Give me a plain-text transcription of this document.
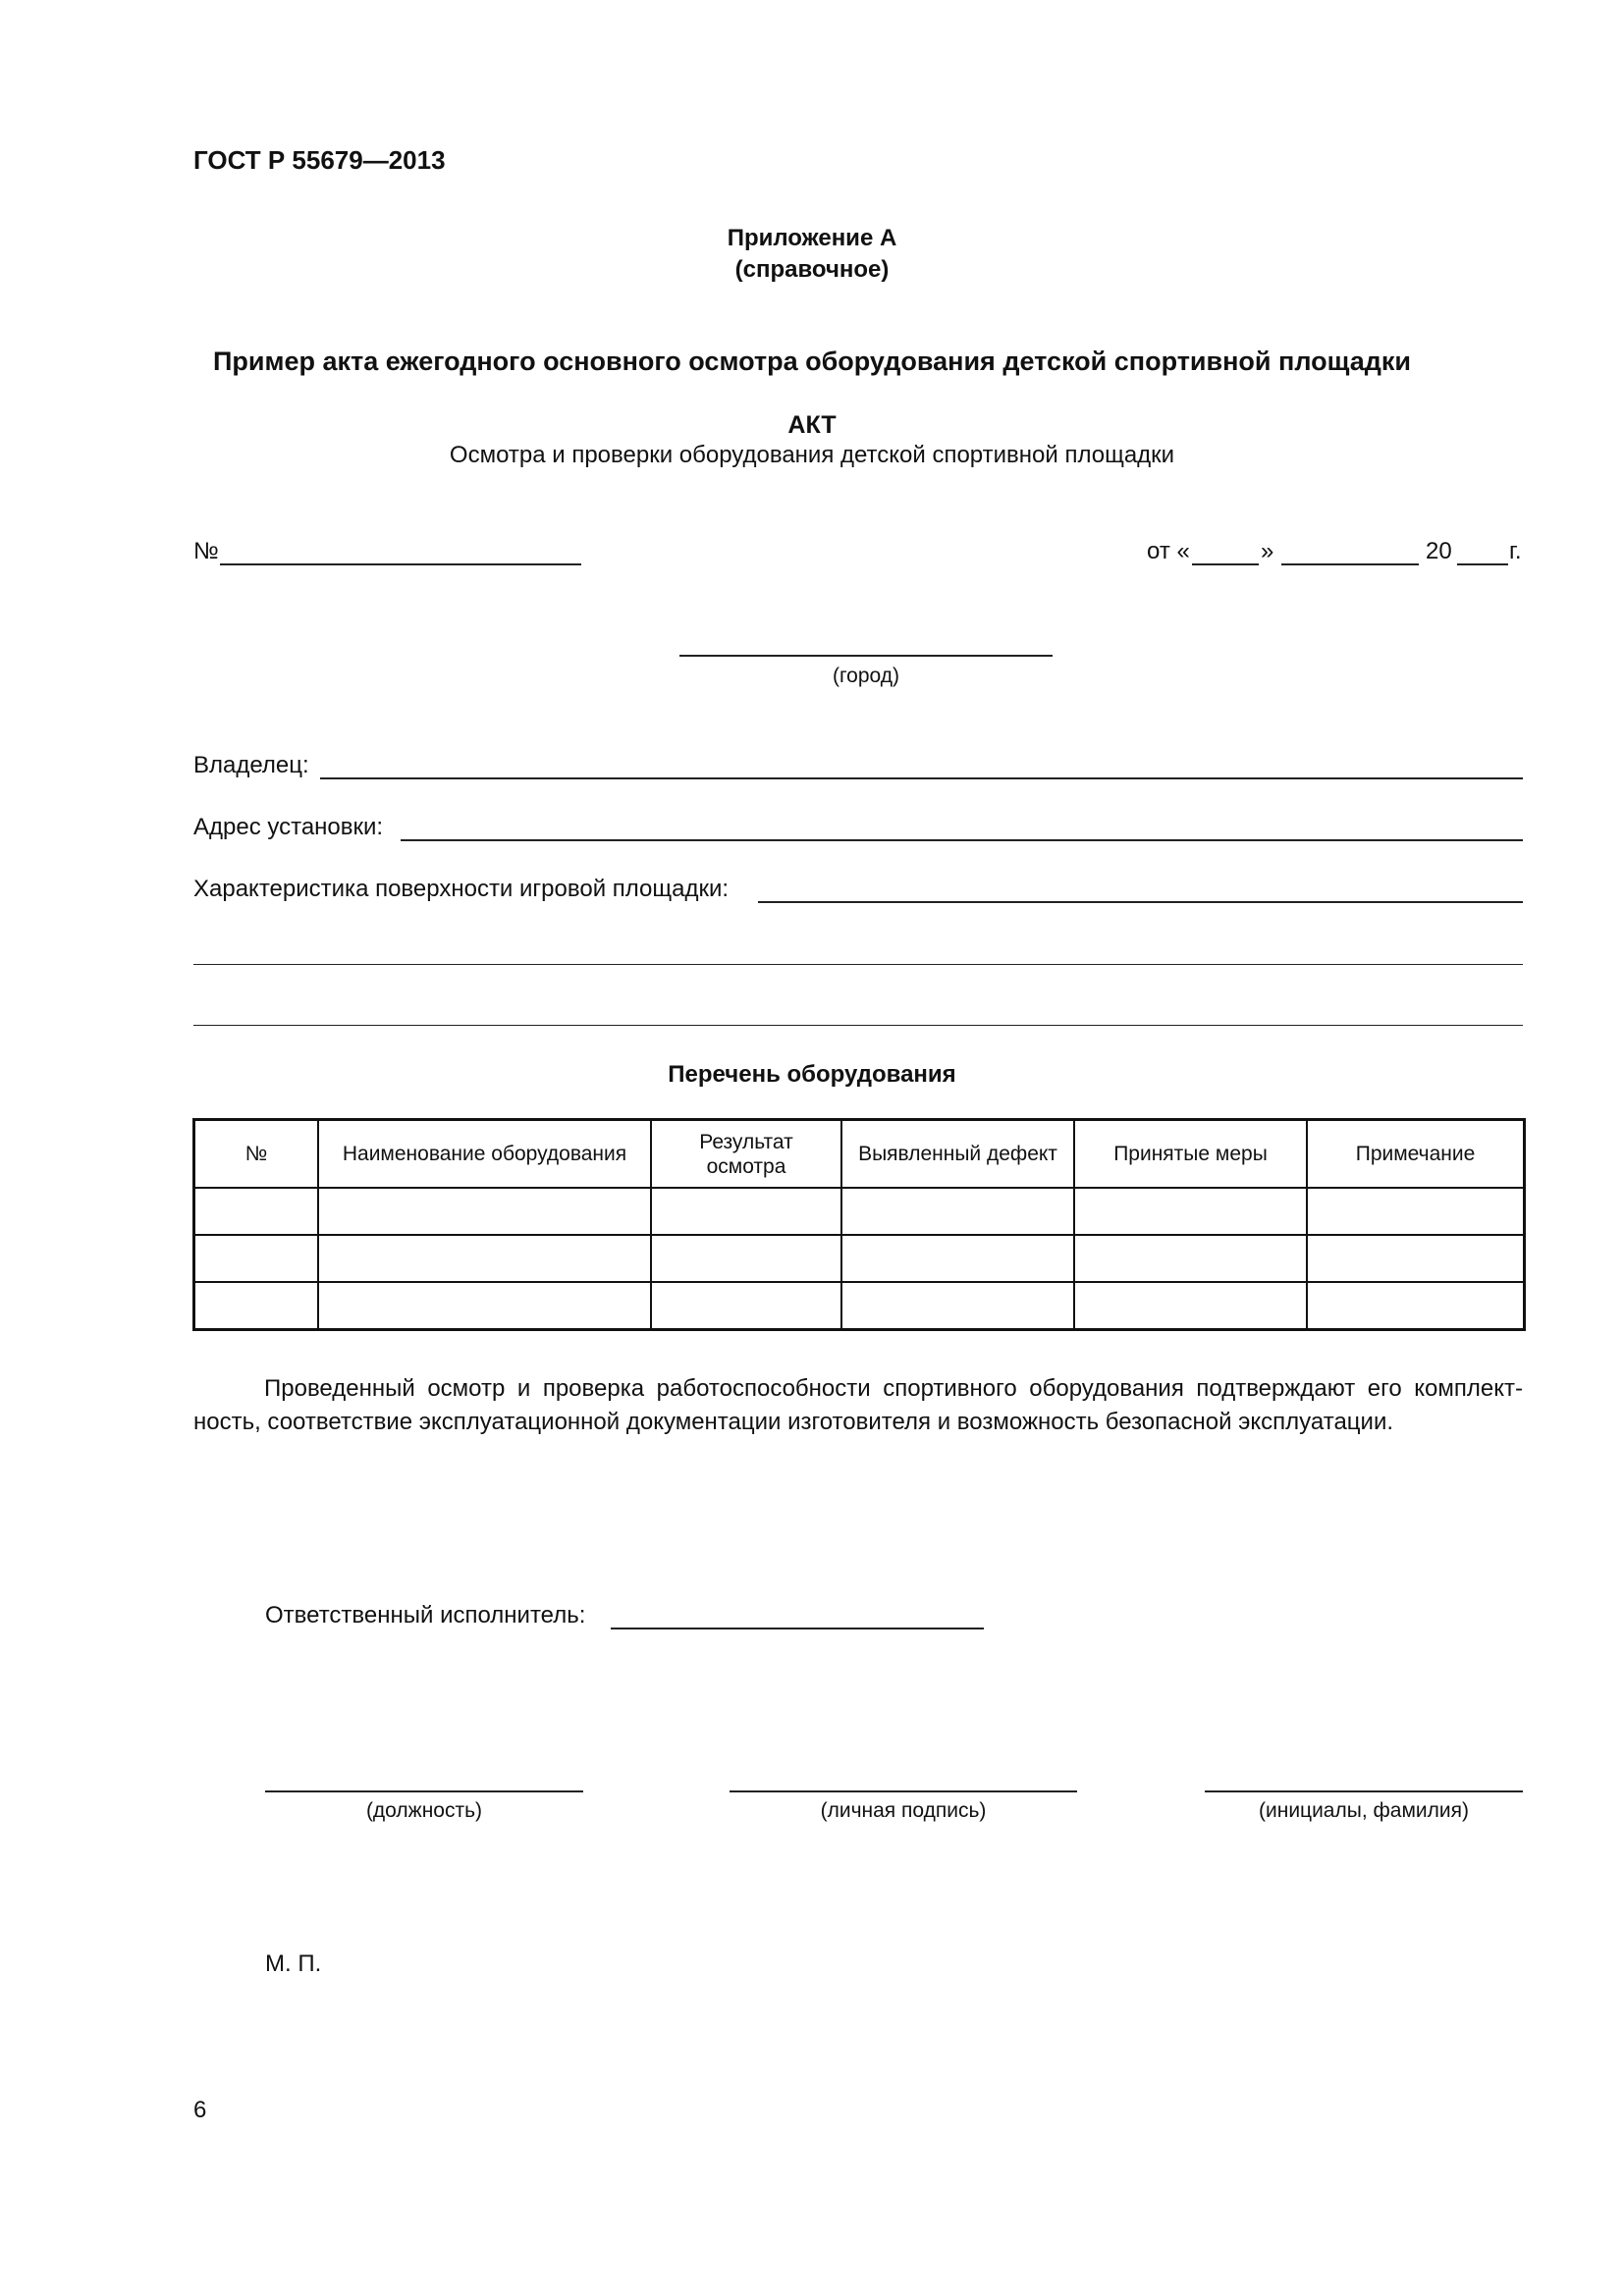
ГОСТ Р 55679—2013
Приложение А
(справочное)
Пример акта ежегодного основного осмотра оборудования детской спортивной площадки
АКТ
Осмотра и проверки оборудования детской спортивной площадки
№	от «	»	20 г.
(город)
Владелец:
Адрес установки:
Характеристика поверхности игровой площадки:
Перечень оборудования
№	Наименование оборудования	Результат осмотра	Выявленный дефект	Принятые меры	Примечание

Проведенный осмотр и проверка работоспособности спортивного оборудования подтверждают его комплект-ность, соответствие эксплуатационной документации изготовителя и возможность безопасной эксплуатации.
Ответственный исполнитель:
(должность)	(личная подпись)	(инициалы, фамилия)
М. П.
6
